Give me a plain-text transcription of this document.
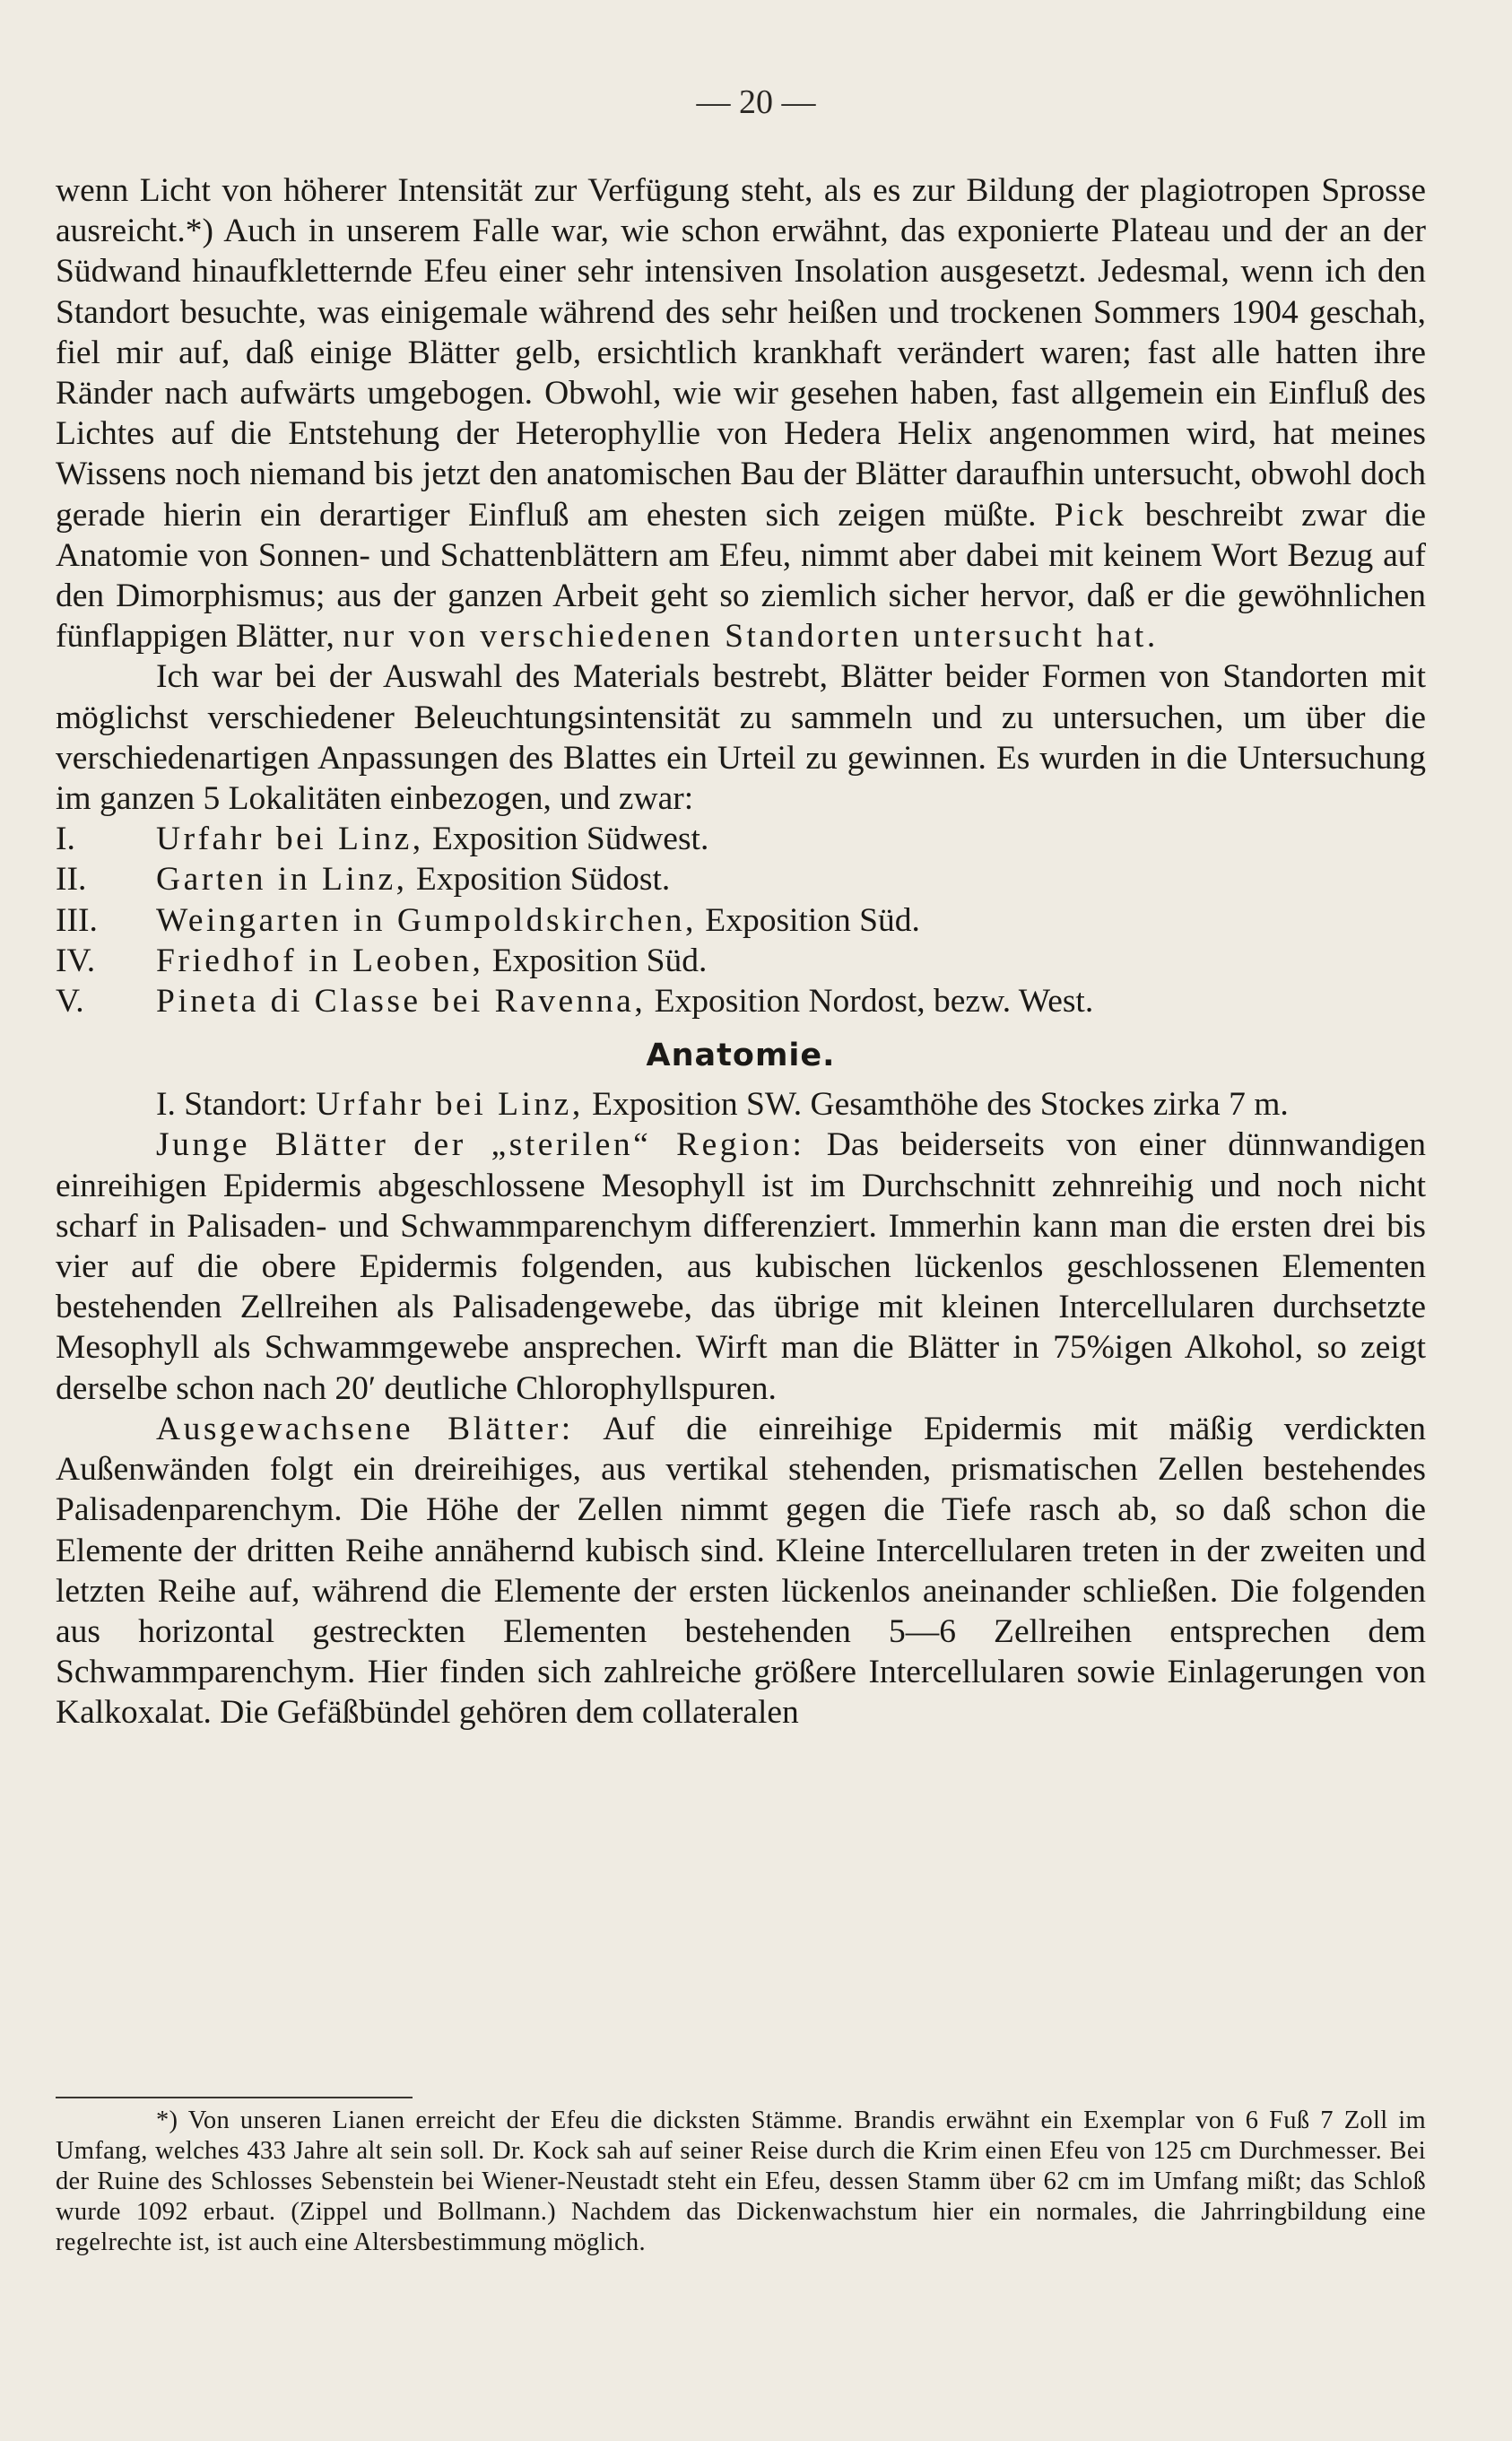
— 20 —

wenn Licht von höherer Intensität zur Verfügung steht, als es zur Bildung der plagiotropen Sprosse ausreicht.*) Auch in unserem Falle war, wie schon erwähnt, das exponierte Plateau und der an der Südwand hinaufkletternde Efeu einer sehr intensiven Insolation ausgesetzt. Jedesmal, wenn ich den Standort besuchte, was einigemale während des sehr heißen und trockenen Sommers 1904 geschah, fiel mir auf, daß einige Blätter gelb, ersichtlich krankhaft verändert waren; fast alle hatten ihre Ränder nach aufwärts umgebogen. Obwohl, wie wir gesehen haben, fast allgemein ein Einfluß des Lichtes auf die Entstehung der Heterophyllie von Hedera Helix angenommen wird, hat meines Wissens noch niemand bis jetzt den anatomischen Bau der Blätter daraufhin untersucht, obwohl doch gerade hierin ein derartiger Einfluß am ehesten sich zeigen müßte. Pick beschreibt zwar die Anatomie von Sonnen- und Schattenblättern am Efeu, nimmt aber dabei mit keinem Wort Bezug auf den Dimorphismus; aus der ganzen Arbeit geht so ziemlich sicher hervor, daß er die gewöhnlichen fünflappigen Blätter, nur von verschiedenen Standorten untersucht hat.

Ich war bei der Auswahl des Materials bestrebt, Blätter beider Formen von Standorten mit möglichst verschiedener Beleuchtungsintensität zu sammeln und zu untersuchen, um über die verschiedenartigen Anpassungen des Blattes ein Urteil zu gewinnen. Es wurden in die Untersuchung im ganzen 5 Lokalitäten einbezogen, und zwar:

I. Urfahr bei Linz, Exposition Südwest.

II. Garten in Linz, Exposition Südost.

III. Weingarten in Gumpoldskirchen, Exposition Süd.

IV. Friedhof in Leoben, Exposition Süd.

V. Pineta di Classe bei Ravenna, Exposition Nordost, bezw. West.

Anatomie.

I. Standort: Urfahr bei Linz, Exposition SW. Gesamthöhe des Stockes zirka 7 m.

Junge Blätter der „sterilen“ Region: Das beiderseits von einer dünnwandigen einreihigen Epidermis abgeschlossene Mesophyll ist im Durchschnitt zehnreihig und noch nicht scharf in Palisaden- und Schwammparenchym differenziert. Immerhin kann man die ersten drei bis vier auf die obere Epidermis folgenden, aus kubischen lückenlos geschlossenen Elementen bestehenden Zellreihen als Palisadengewebe, das übrige mit kleinen Intercellularen durchsetzte Mesophyll als Schwammgewebe ansprechen. Wirft man die Blätter in 75%igen Alkohol, so zeigt derselbe schon nach 20′ deutliche Chlorophyllspuren.

Ausgewachsene Blätter: Auf die einreihige Epidermis mit mäßig verdickten Außenwänden folgt ein dreireihiges, aus vertikal stehenden, prismatischen Zellen bestehendes Palisadenparenchym. Die Höhe der Zellen nimmt gegen die Tiefe rasch ab, so daß schon die Elemente der dritten Reihe annähernd kubisch sind. Kleine Intercellularen treten in der zweiten und letzten Reihe auf, während die Elemente der ersten lückenlos aneinander schließen. Die folgenden aus horizontal gestreckten Elementen bestehenden 5—6 Zellreihen entsprechen dem Schwammparenchym. Hier finden sich zahlreiche größere Intercellularen sowie Einlagerungen von Kalkoxalat. Die Gefäßbündel gehören dem collateralen

*) Von unseren Lianen erreicht der Efeu die dicksten Stämme. Brandis erwähnt ein Exemplar von 6 Fuß 7 Zoll im Umfang, welches 433 Jahre alt sein soll. Dr. Kock sah auf seiner Reise durch die Krim einen Efeu von 125 cm Durchmesser. Bei der Ruine des Schlosses Sebenstein bei Wiener-Neustadt steht ein Efeu, dessen Stamm über 62 cm im Umfang mißt; das Schloß wurde 1092 erbaut. (Zippel und Bollmann.) Nachdem das Dickenwachstum hier ein normales, die Jahrringbildung eine regelrechte ist, ist auch eine Altersbestimmung möglich.
